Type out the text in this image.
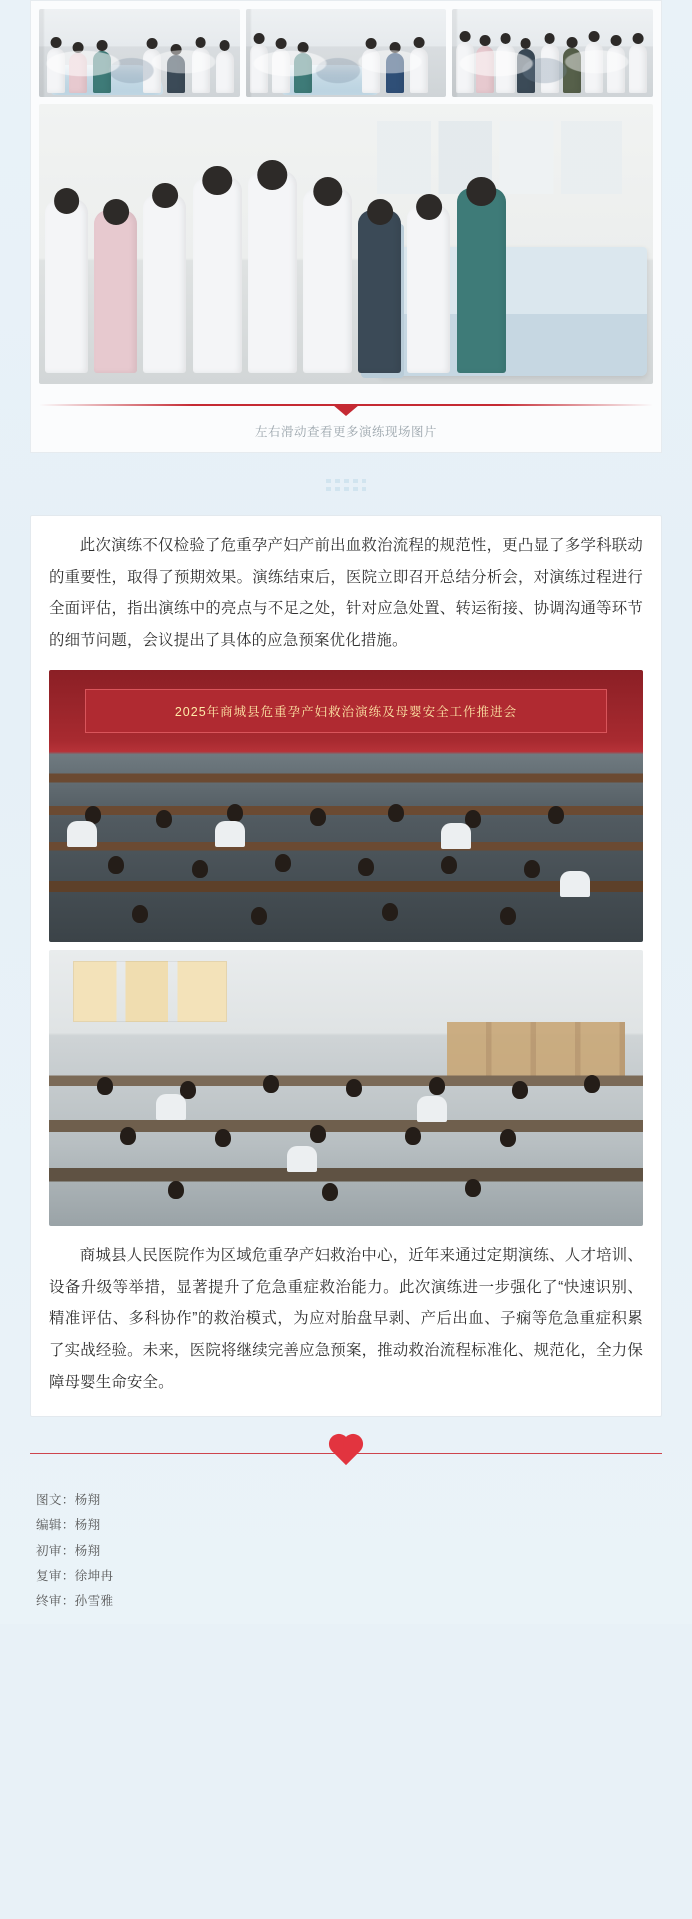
左右滑动查看更多演练现场图片

此次演练不仅检验了危重孕产妇产前出血救治流程的规范性，更凸显了多学科联动的重要性，取得了预期效果。演练结束后，医院立即召开总结分析会，对演练过程进行全面评估，指出演练中的亮点与不足之处，针对应急处置、转运衔接、协调沟通等环节的细节问题，会议提出了具体的应急预案优化措施。

2025年商城县危重孕产妇救治演练及母婴安全工作推进会

商城县人民医院作为区域危重孕产妇救治中心，近年来通过定期演练、人才培训、设备升级等举措，显著提升了危急重症救治能力。此次演练进一步强化了“快速识别、精准评估、多科协作”的救治模式，为应对胎盘早剥、产后出血、子痫等危急重症积累了实战经验。未来，医院将继续完善应急预案，推动救治流程标准化、规范化，全力保障母婴生命安全。

图文：杨翔
编辑：杨翔
初审：杨翔
复审：徐坤冉
终审：孙雪雅
